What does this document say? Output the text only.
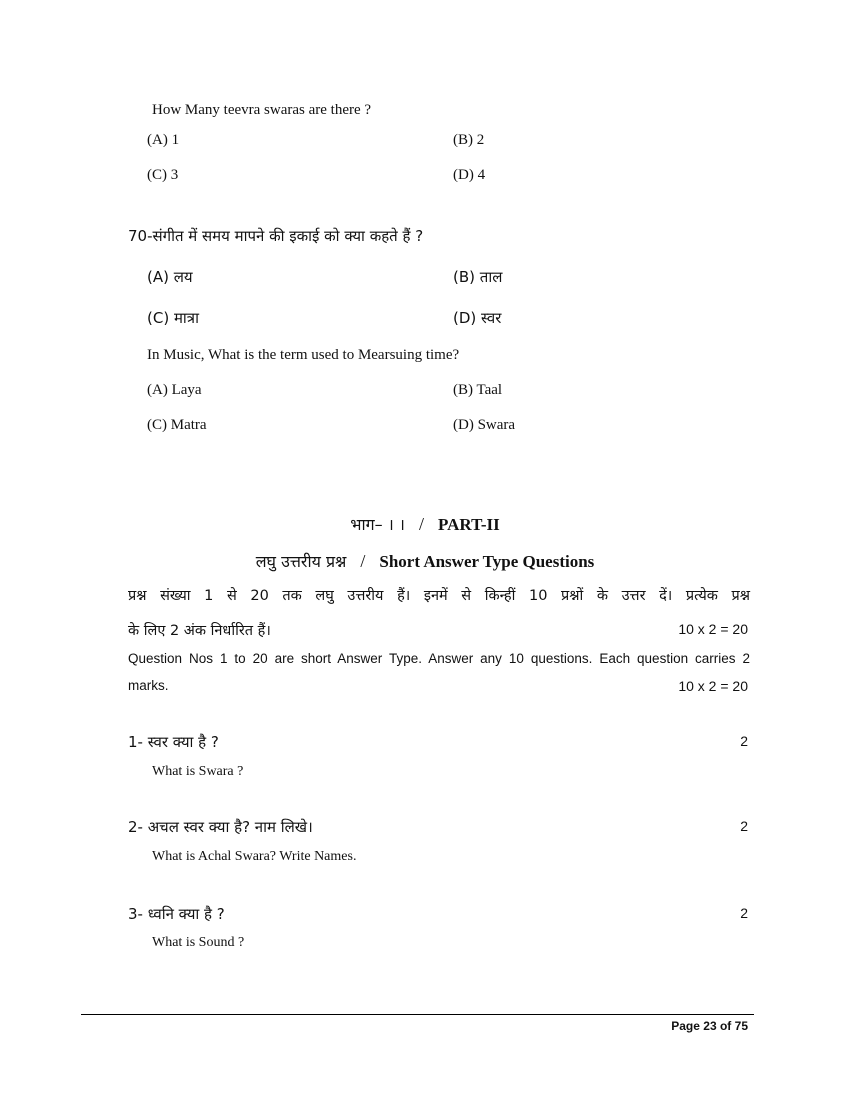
How Many teevra swaras are there ?
(A) 1	(B) 2
(C) 3	(D) 4
70-संगीत में समय मापने की इकाई को क्या कहते हैं ?
(A) लय	(B) ताल
(C) मात्रा	(D) स्वर
In Music, What is the term used to Mearsuing time?
(A) Laya	(B) Taal
(C) Matra	(D) Swara
भाग– । । / PART-II
लघु उत्तरीय प्रश्न / Short Answer Type Questions
प्रश्न संख्या 1 से 20 तक लघु उत्तरीय हैं। इनमें से किन्हीं 10 प्रश्नों के उत्तर दें। प्रत्येक प्रश्न
के लिए 2 अंक निर्धारित हैं।	10 x 2 = 20
Question Nos 1 to 20 are short Answer Type. Answer any 10 questions. Each question carries 2
marks.	10 x 2 = 20
1- स्वर क्या है ?	2
What is Swara ?
2- अचल स्वर क्या है? नाम लिखे।	2
What is Achal Swara? Write Names.
3- ध्वनि क्या है ?	2
What is Sound ?
Page 23 of 75
